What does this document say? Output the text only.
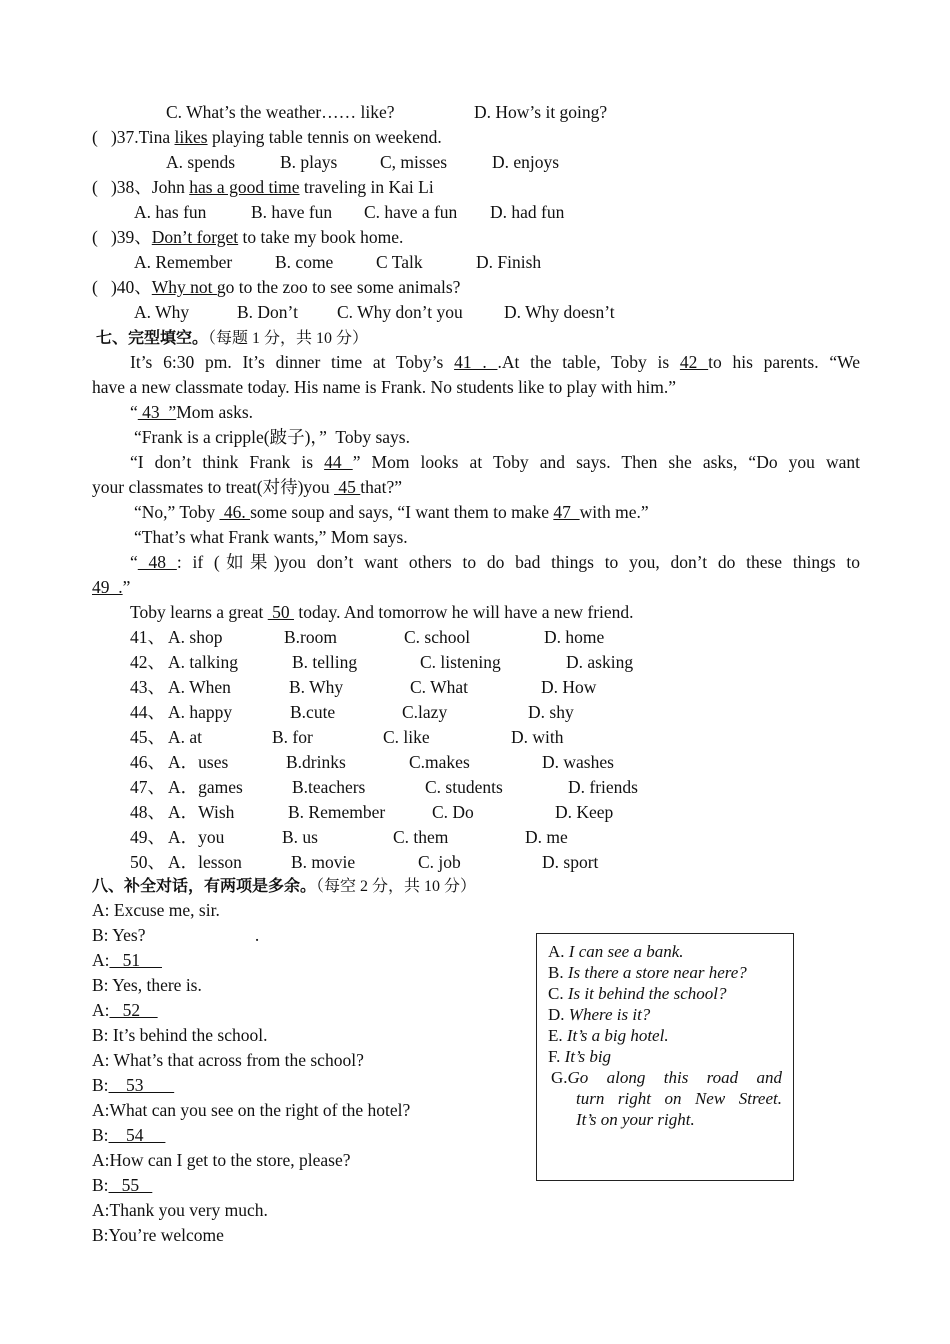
C. What’s the weather…… like?	D. How’s it going?
(   )37.Tina likes playing table tennis on weekend.
A. spends	B. plays C, misses	D. enjoys
(   )38、John has a good time traveling in Kai Li
A. has fun	B. have fun C. have a fun D. had fun
(   )39、Don’t forget to take my book home.
A. Remember B. come C Talk	D. Finish
(   )40、Why not go to the zoo to see some animals?
A. Why	B. Don’t C. Why don’t you D. Why doesn’t
七、完型填空。（每题 1 分，共 10 分）
It’s 6:30 pm. It’s dinner time at Toby’s 41 . .At the table, Toby is 42 to his parents. “We
have a new classmate today. His name is Frank. No students like to play with him.”
“ 43  ”Mom asks.
“Frank is a cripple(跛子)，”  Toby says.
“I don’t think Frank is 44 ” Mom looks at Toby and says. Then she asks, “Do you want
your classmates to treat(对待)you  45 that?”
“No,” Toby  46. some soup and says, “I want them to make 47  with me.”
“That’s what Frank wants,” Mom says.
“ 48 : if (如果)you don’t want others to do bad things to you, don’t do these things to
49  .”
Toby learns a great  50  today. And tomorrow he will have a new friend.
41、 A. shop	B.room	C. school	D. home
42、 A. talking	B. telling	C. listening	D. asking
43、 A. When	B. Why	C. What	D. How
44、 A. happy	B.cute	C.lazy	D. shy
45、 A. at	B. for	C. like	D. with
46、 A．uses	B.drinks	C.makes	D. washes
47、 A．games	B.teachers	C. students	D. friends
48、 A．Wish	B. Remember	C. Do	D. Keep
49、 A．you	B. us	C. them	D. me
50、 A．lesson	B. movie	C. job	D. sport
八、补全对话，有两项是多余。（每空 2 分，共 10 分）
A: Excuse me, sir.
B: Yes?                         .
A:   51
B: Yes, there is.
A:   52
B: It’s behind the school.
A: What’s that across from the school?
B:    53
A:What can you see on the right of the hotel?
B:    54
A:How can I get to the store, please?
B:   55
A:Thank you very much.
B:You’re welcome
A. I can see a bank.
B. Is there a store near here?
C. Is it behind the school?
D. Where is it?
E. It’s a big hotel.
F. It’s big
G.Go along this road and
turn right on New Street.
It’s on your right.
